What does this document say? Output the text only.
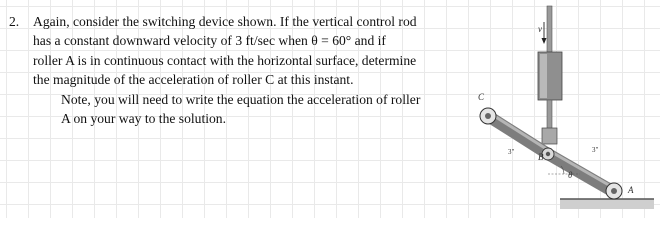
2. Again, consider the switching device shown. If the vertical control rod
has a constant downward velocity of 3 ft/sec when θ = 60° and if
roller A is in continuous contact with the horizontal surface, determine
the magnitude of the acceleration of roller C at this instant.
Note, you will need to write the equation the acceleration of roller
A on your way to the solution.
v
C
B
A
θ
3"	3"
